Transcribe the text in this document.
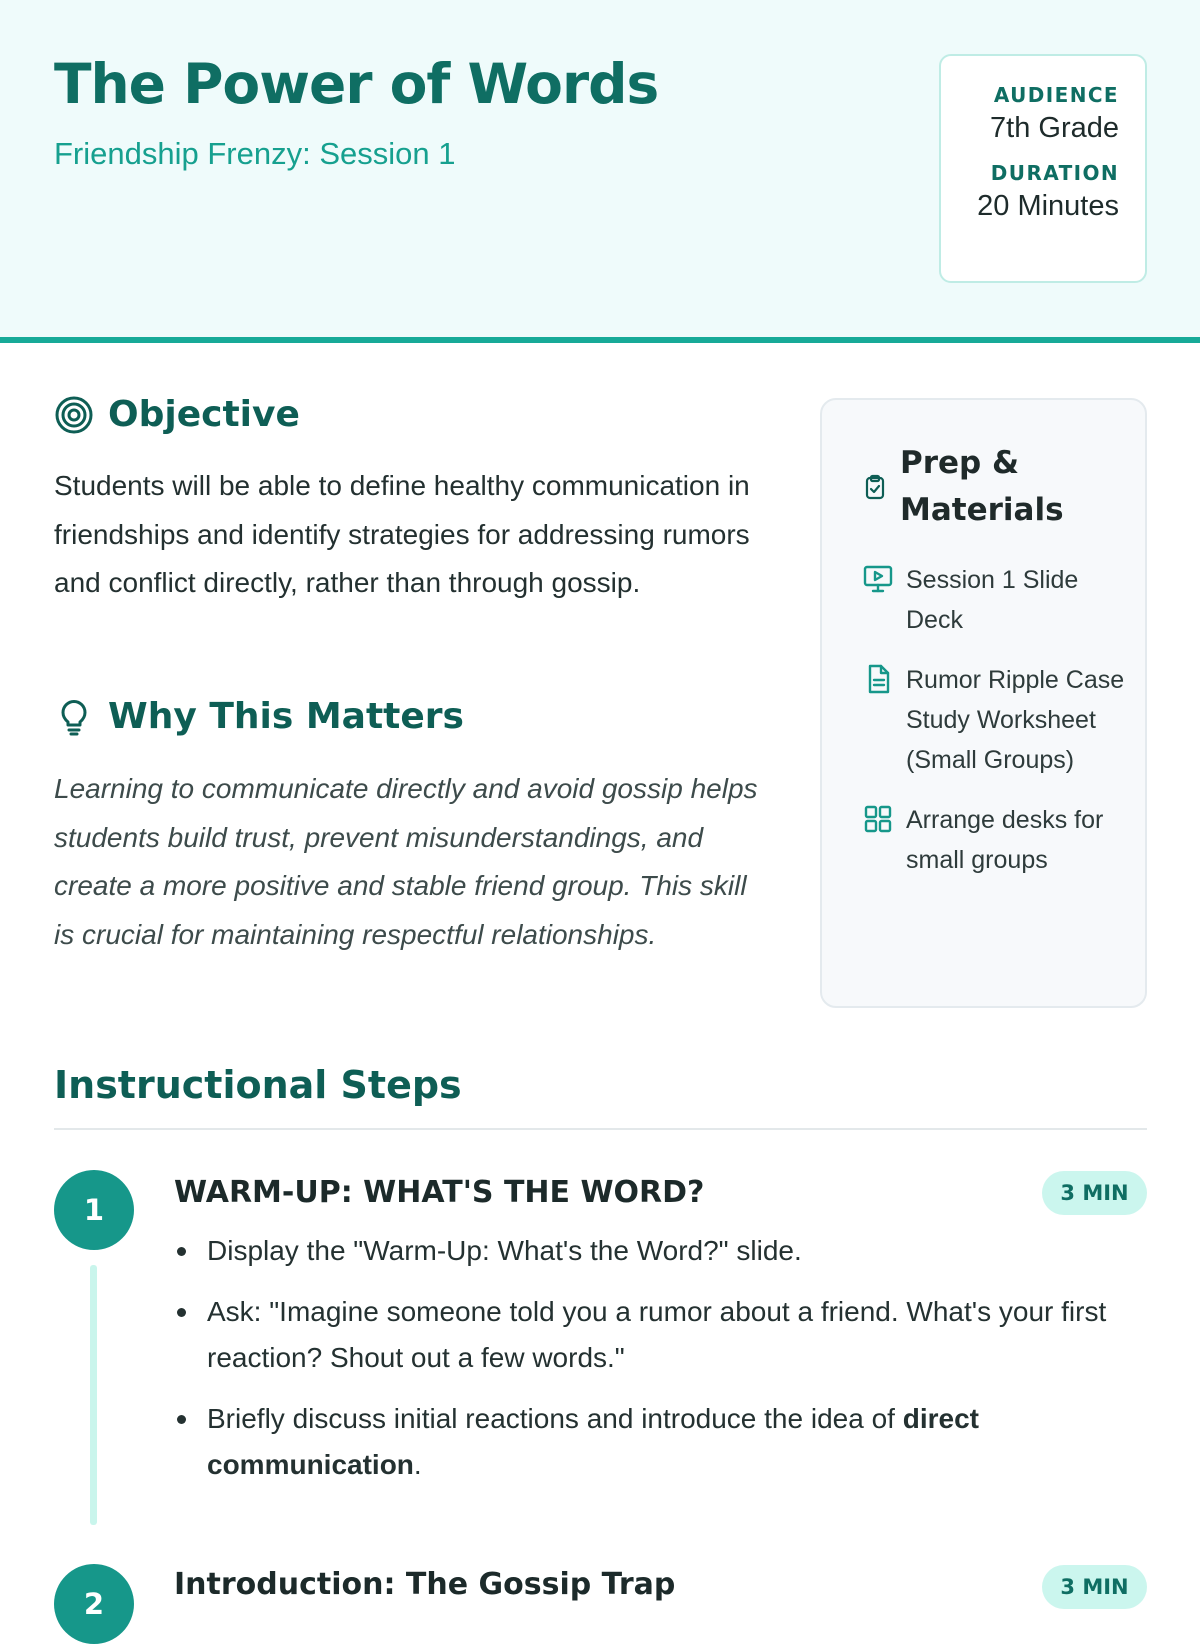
The Power of Words
Friendship Frenzy: Session 1
AUDIENCE
7th Grade
DURATION
20 Minutes
Objective

Students will be able to define healthy communication in friendships and identify strategies for addressing rumors and conflict directly, rather than through gossip.

Why This Matters

Learning to communicate directly and avoid gossip helps students build trust, prevent misunderstandings, and create a more positive and stable friend group. This skill is crucial for maintaining respectful relationships.

Prep & Materials
Session 1 Slide Deck
Rumor Ripple Case Study Worksheet (Small Groups)
Arrange desks for small groups
Instructional Steps
1	WARM-UP: WHAT'S THE WORD?	3 MIN
Display the "Warm-Up: What's the Word?" slide.
Ask: "Imagine someone told you a rumor about a friend. What's your first reaction? Shout out a few words."
Briefly discuss initial reactions and introduce the idea of direct communication.
2
Introduction: The Gossip Trap	3 MIN
